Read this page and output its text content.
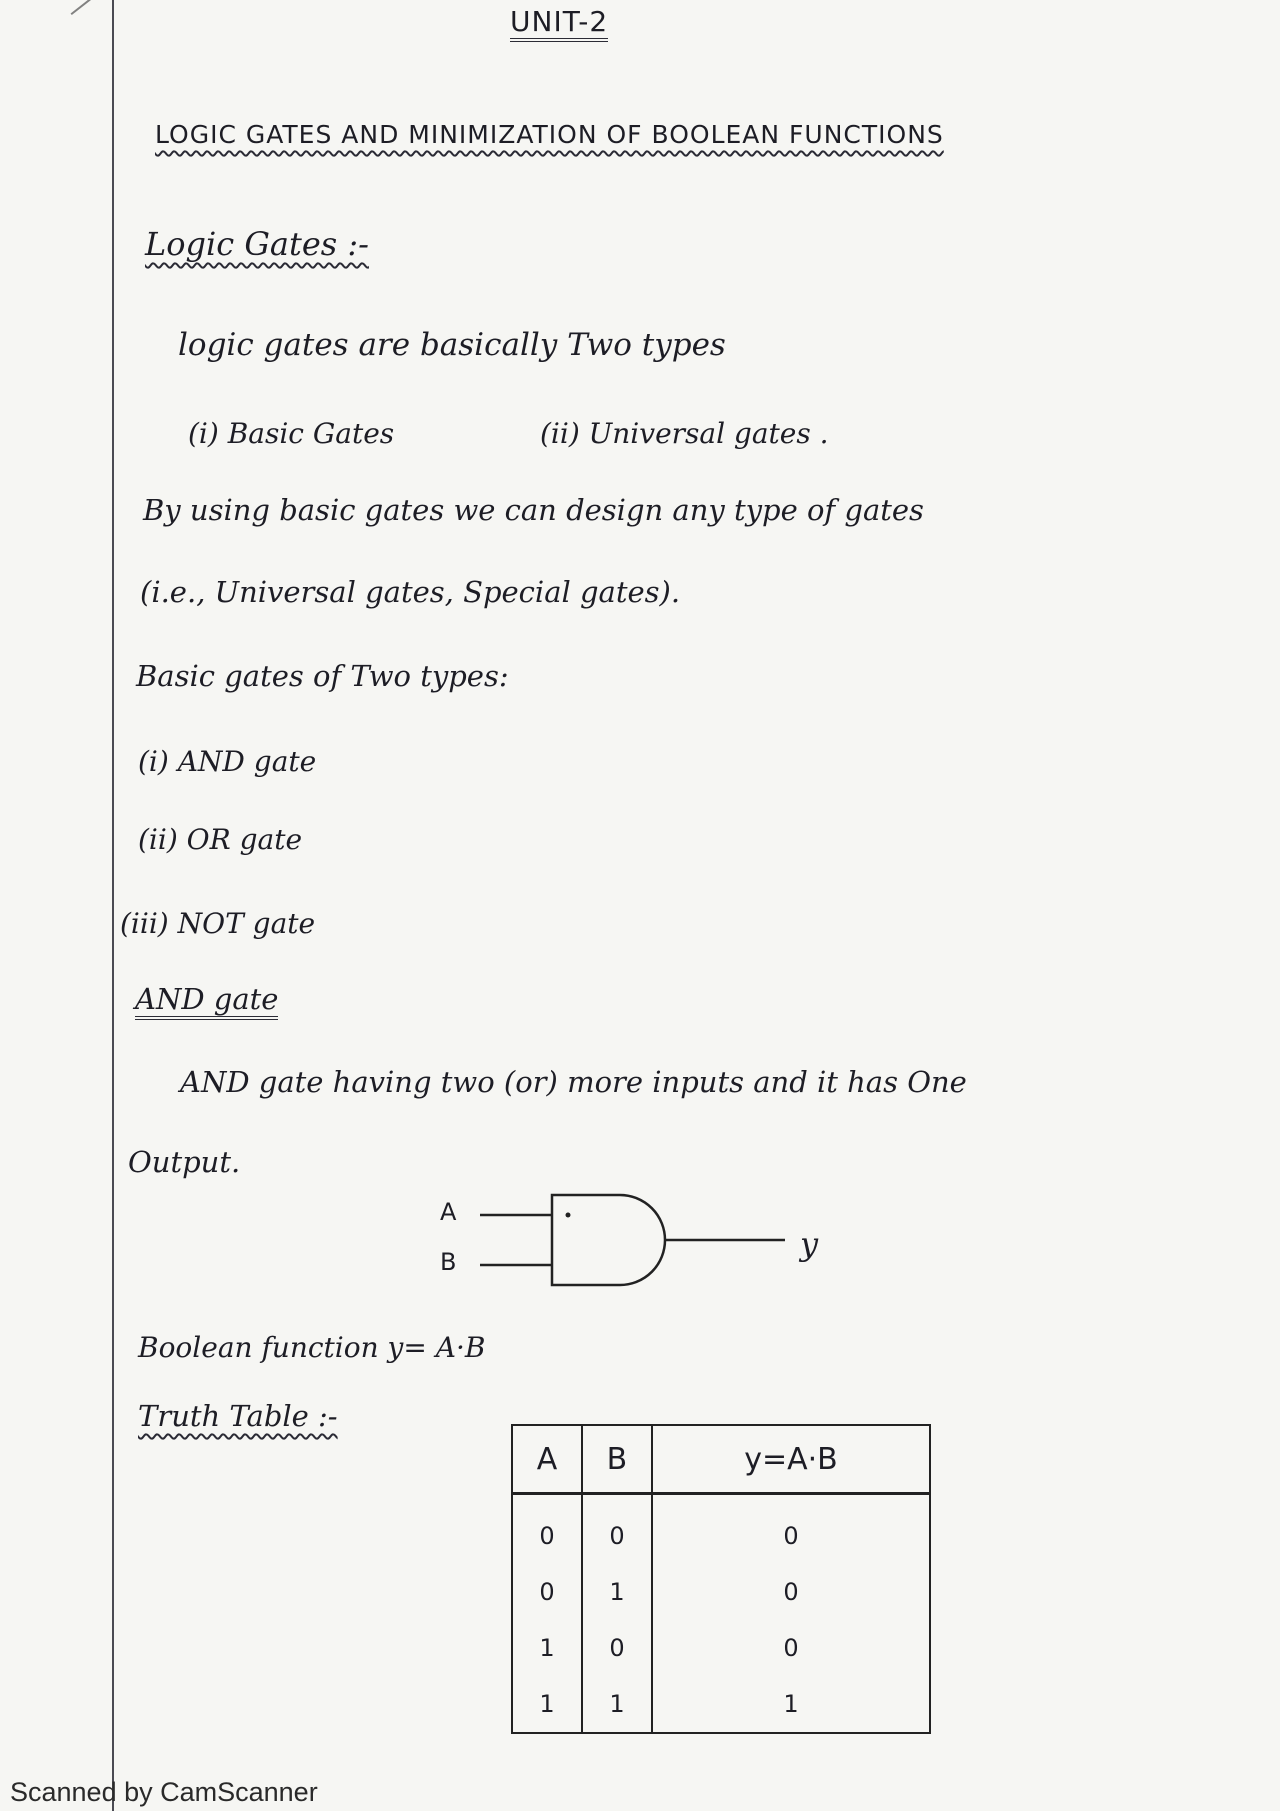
UNIT-2
LOGIC GATES AND MINIMIZATION OF BOOLEAN FUNCTIONS
Logic Gates :-
logic gates are basically Two types
(i) Basic Gates	(ii) Universal gates .
By using basic gates we can design any type of gates
(i.e., Universal gates, Special gates).
Basic gates of Two types:
(i) AND gate
(ii) OR gate
(iii) NOT gate
AND gate
AND gate having two (or) more inputs and it has One
Output.
A
B	y
Boolean function y= A·B
Truth Table :-
A	B	y=A·B
0	0	0
0	1	0
1	0	0
1	1	1
Scanned by CamScanner
